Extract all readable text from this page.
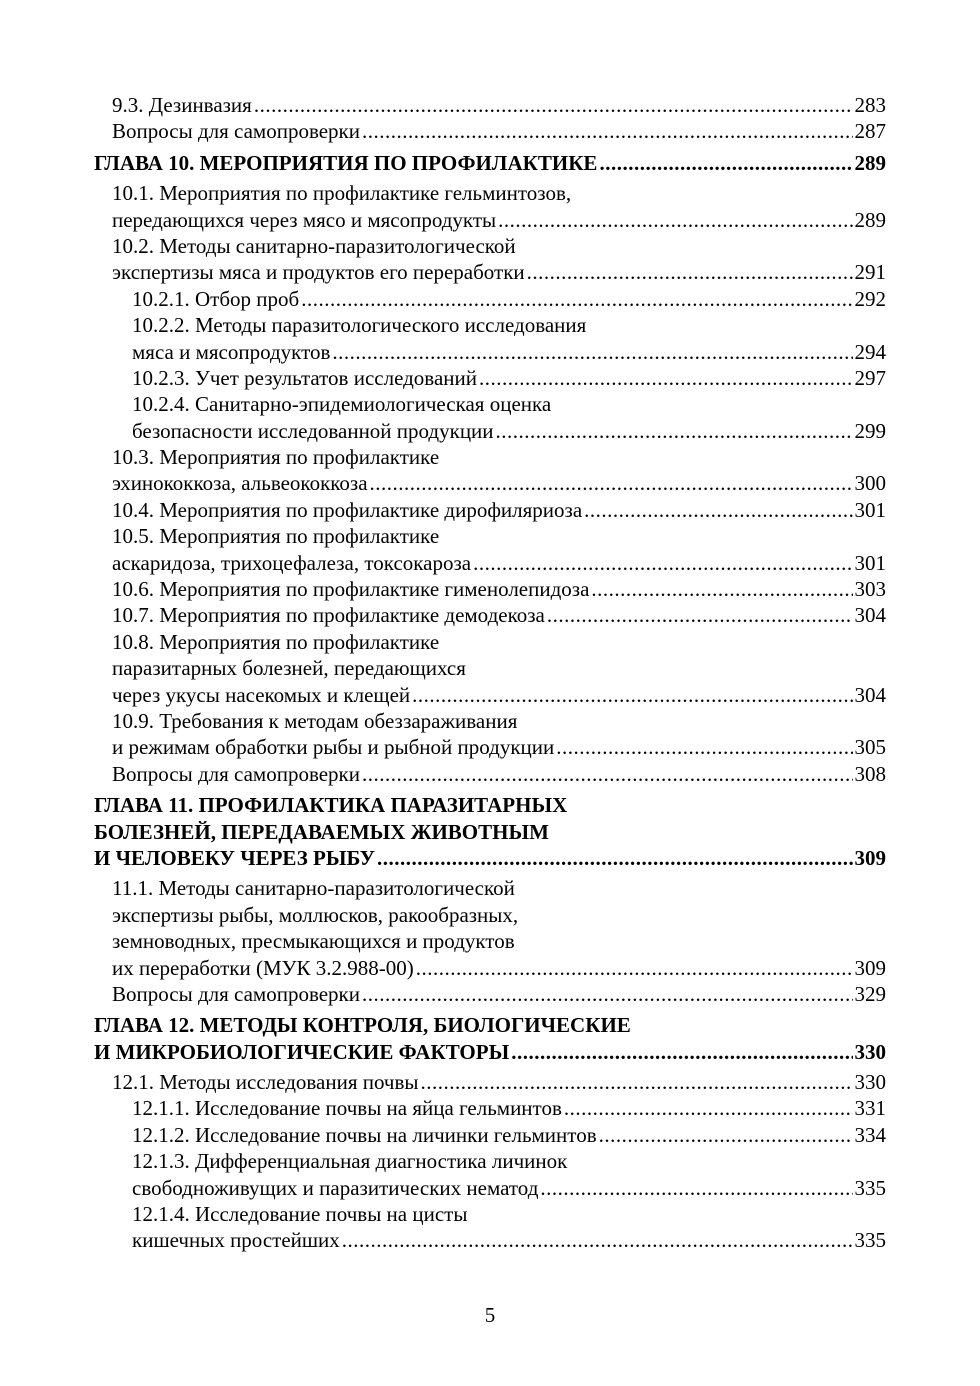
9.3. Дезинвазия .....	283
Вопросы для самопроверки .....	287
ГЛАВА 10. МЕРОПРИЯТИЯ ПО ПРОФИЛАКТИКЕ .....	289
10.1. Мероприятия по профилактике гельминтозов,
передающихся через мясо и мясопродукты .....	289
10.2. Методы санитарно-паразитологической
экспертизы мяса и продуктов его переработки .....	291
10.2.1. Отбор проб .....	292
10.2.2. Методы паразитологического исследования
мяса и мясопродуктов .....	294
10.2.3. Учет результатов исследований .....	297
10.2.4. Санитарно-эпидемиологическая оценка
безопасности исследованной продукции .....	299
10.3. Мероприятия по профилактике
эхинококкоза, альвеококкоза .....	300
10.4. Мероприятия по профилактике дирофиляриоза .....	301
10.5. Мероприятия по профилактике
аскаридоза, трихоцефалеза, токсокароза .....	301
10.6. Мероприятия по профилактике гименолепидоза .....	303
10.7. Мероприятия по профилактике демодекоза .....	304
10.8. Мероприятия по профилактике
паразитарных болезней, передающихся
через укусы насекомых и клещей .....	304
10.9. Требования к методам обеззараживания
и режимам обработки рыбы и рыбной продукции .....	305
Вопросы для самопроверки .....	308
ГЛАВА 11. ПРОФИЛАКТИКА ПАРАЗИТАРНЫХ
БОЛЕЗНЕЙ, ПЕРЕДАВАЕМЫХ ЖИВОТНЫМ
И ЧЕЛОВЕКУ ЧЕРЕЗ РЫБУ .....	309
11.1. Методы санитарно-паразитологической
экспертизы рыбы, моллюсков, ракообразных,
земноводных, пресмыкающихся и продуктов
их переработки (МУК 3.2.988-00) .....	309
Вопросы для самопроверки .....	329
ГЛАВА 12. МЕТОДЫ КОНТРОЛЯ, БИОЛОГИЧЕСКИЕ
И МИКРОБИОЛОГИЧЕСКИЕ ФАКТОРЫ .....	330
12.1. Методы исследования почвы .....	330
12.1.1. Исследование почвы на яйца гельминтов .....	331
12.1.2. Исследование почвы на личинки гельминтов .....	334
12.1.3. Дифференциальная диагностика личинок
свободноживущих и паразитических нематод .....	335
12.1.4. Исследование почвы на цисты
кишечных простейших .....	335
5
